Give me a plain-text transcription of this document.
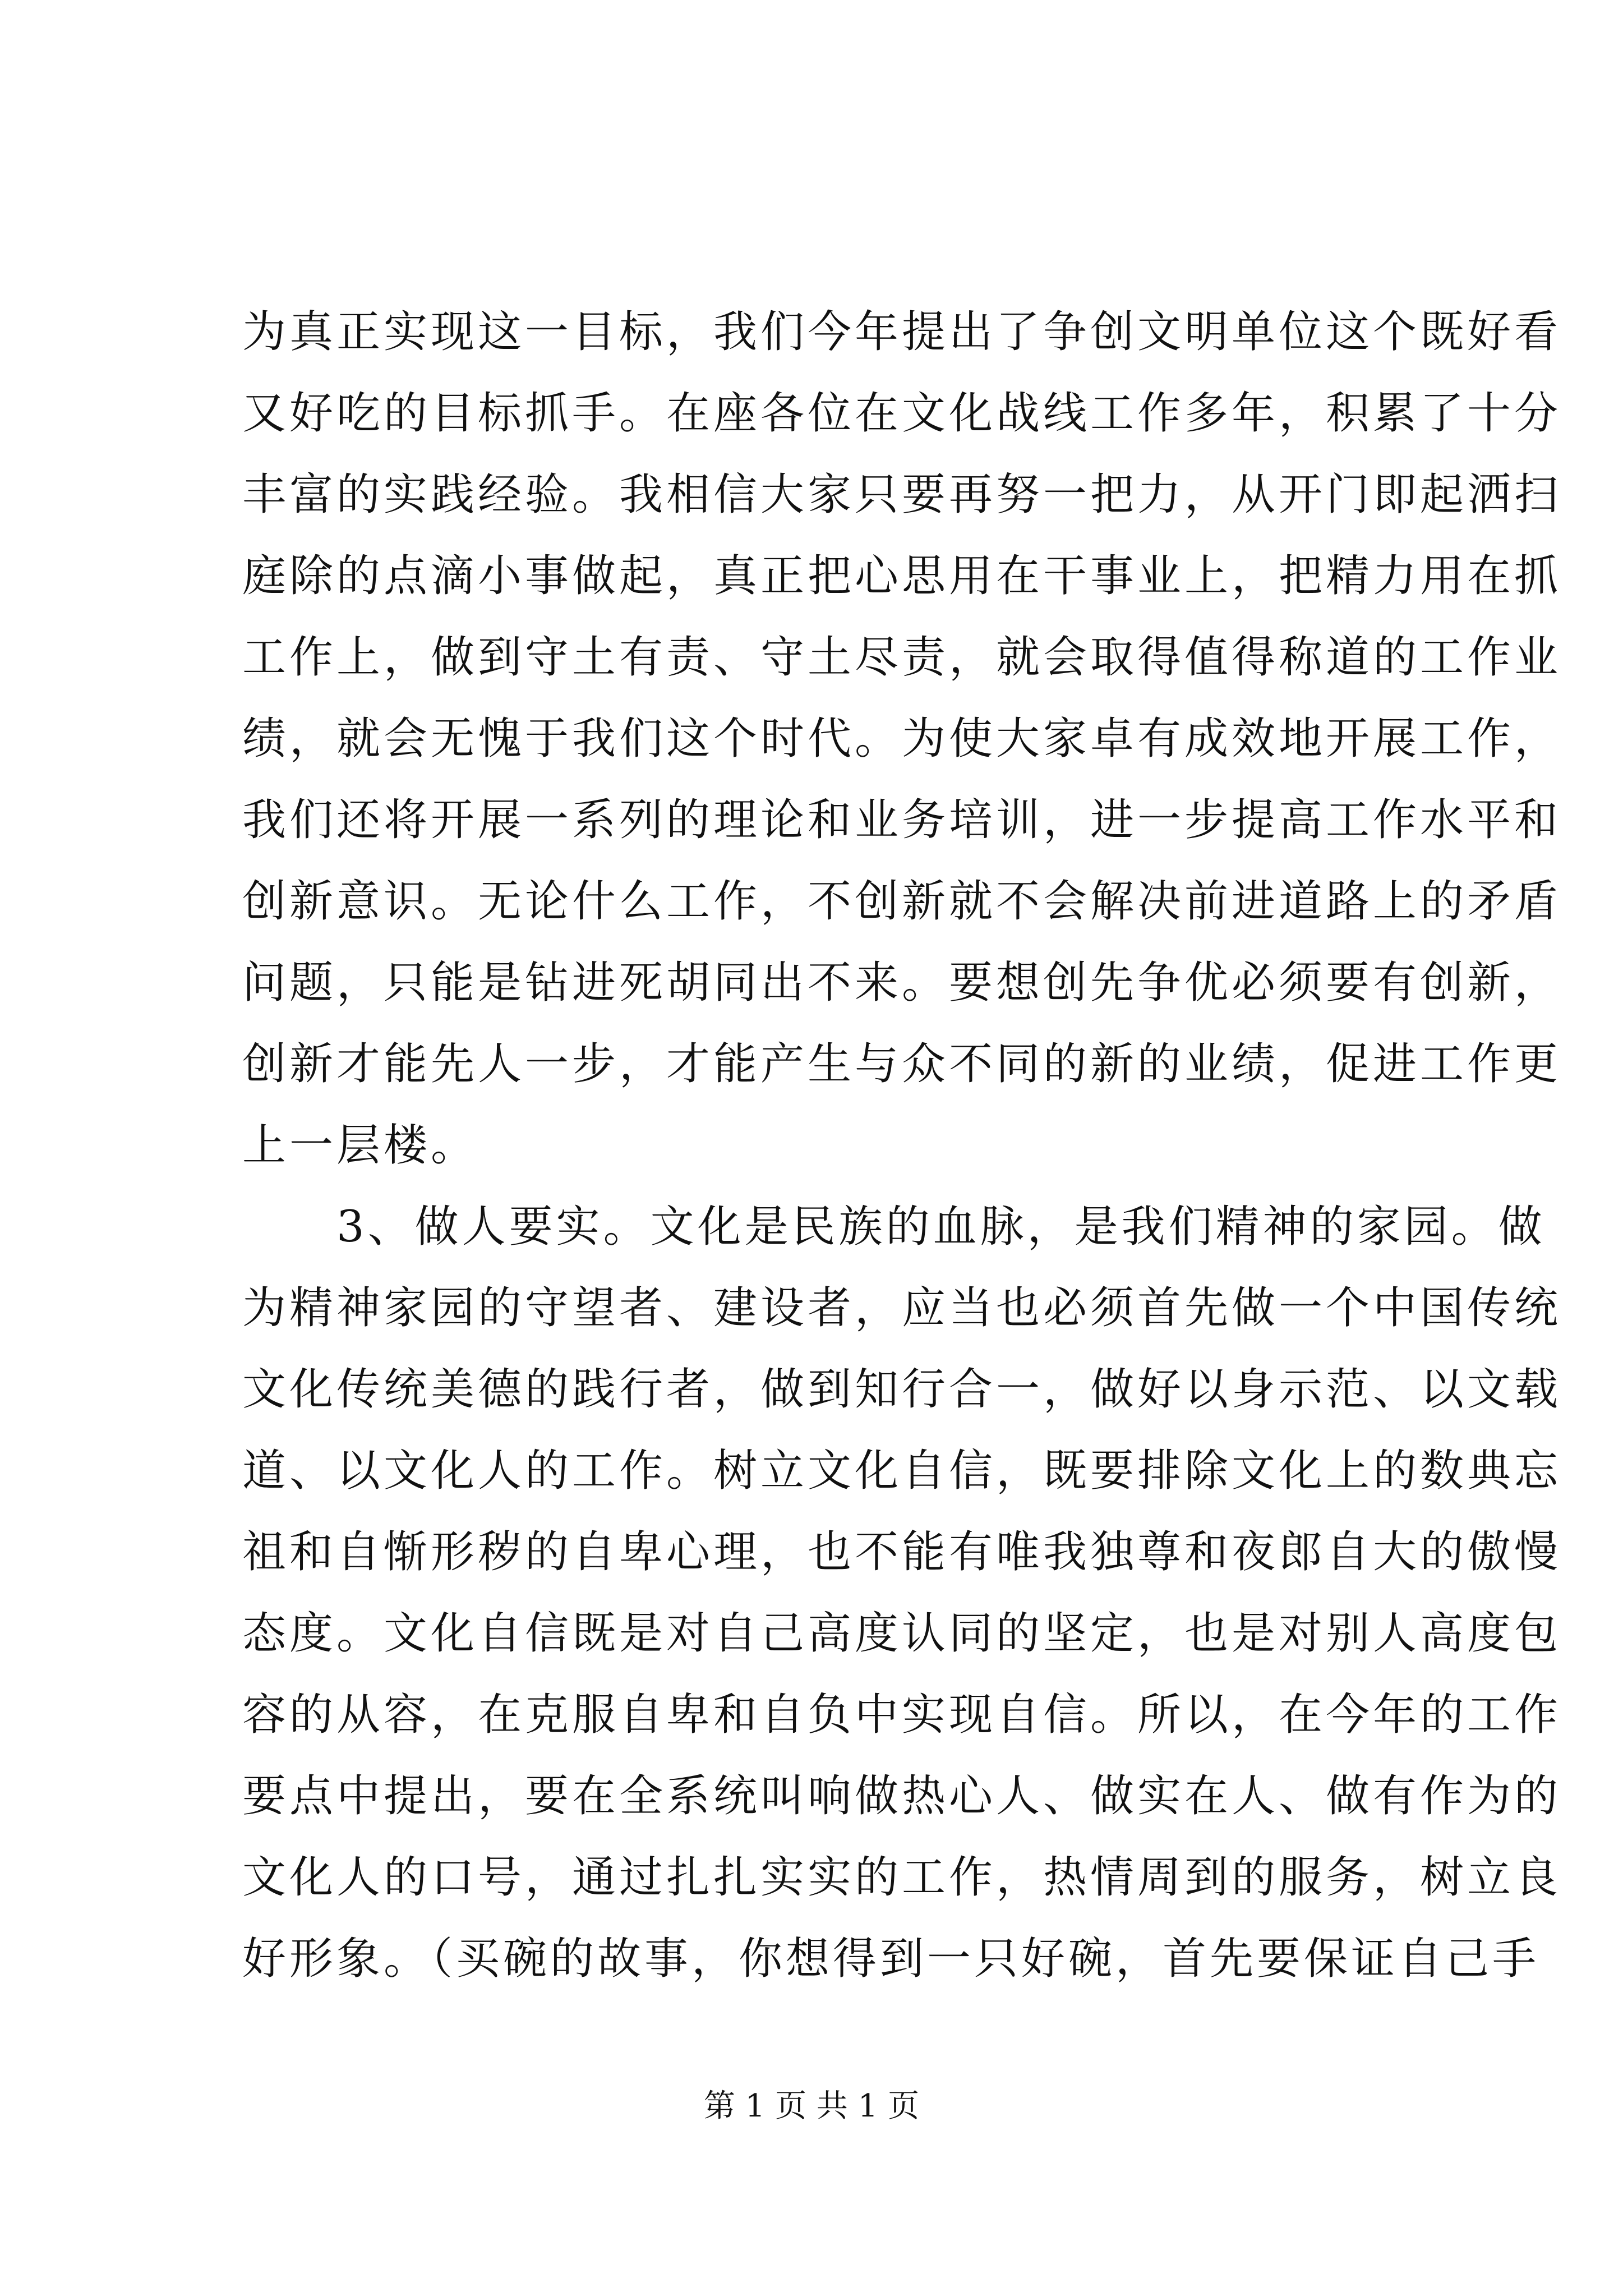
为真正实现这一目标，我们今年提出了争创文明单位这个既好看
又好吃的目标抓手。在座各位在文化战线工作多年，积累了十分
丰富的实践经验。我相信大家只要再努一把力，从开门即起洒扫
庭除的点滴小事做起，真正把心思用在干事业上，把精力用在抓
工作上，做到守土有责、守土尽责，就会取得值得称道的工作业
绩，就会无愧于我们这个时代。为使大家卓有成效地开展工作，
我们还将开展一系列的理论和业务培训，进一步提高工作水平和
创新意识。无论什么工作，不创新就不会解决前进道路上的矛盾
问题，只能是钻进死胡同出不来。要想创先争优必须要有创新，
创新才能先人一步，才能产生与众不同的新的业绩，促进工作更
上一层楼。
　　3、做人要实。文化是民族的血脉，是我们精神的家园。做
为精神家园的守望者、建设者，应当也必须首先做一个中国传统
文化传统美德的践行者，做到知行合一，做好以身示范、以文载
道、以文化人的工作。树立文化自信，既要排除文化上的数典忘
祖和自惭形秽的自卑心理，也不能有唯我独尊和夜郎自大的傲慢
态度。文化自信既是对自己高度认同的坚定，也是对别人高度包
容的从容，在克服自卑和自负中实现自信。所以，在今年的工作
要点中提出，要在全系统叫响做热心人、做实在人、做有作为的
文化人的口号，通过扎扎实实的工作，热情周到的服务，树立良
好形象。（买碗的故事，你想得到一只好碗，首先要保证自己手
第 1 页 共 1 页
